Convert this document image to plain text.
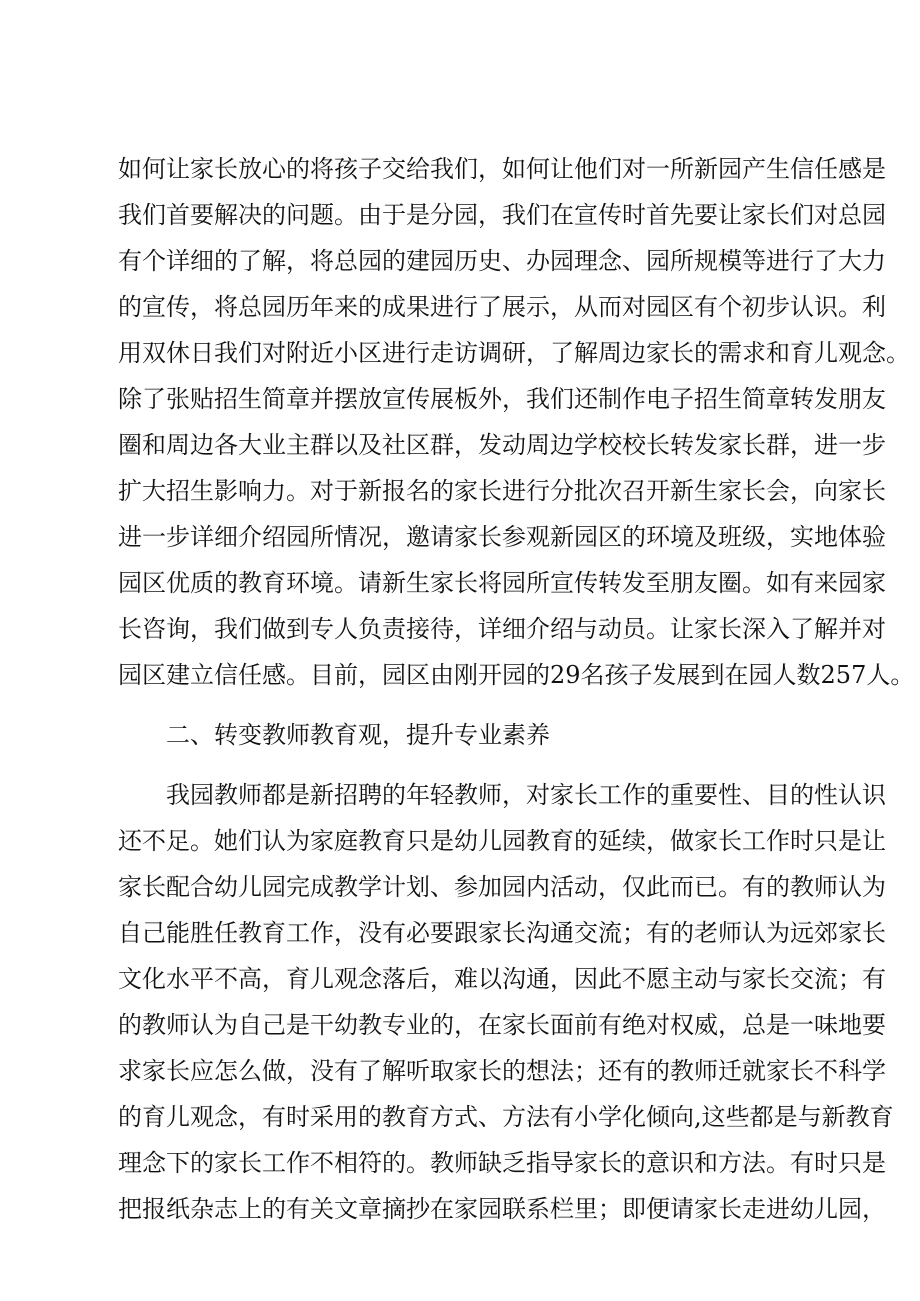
如何让家长放心的将孩子交给我们，如何让他们对一所新园产生信任感是
我们首要解决的问题。由于是分园，我们在宣传时首先要让家长们对总园
有个详细的了解，将总园的建园历史、办园理念、园所规模等进行了大力
的宣传，将总园历年来的成果进行了展示，从而对园区有个初步认识。利
用双休日我们对附近小区进行走访调研，了解周边家长的需求和育儿观念。
除了张贴招生简章并摆放宣传展板外，我们还制作电子招生简章转发朋友
圈和周边各大业主群以及社区群，发动周边学校校长转发家长群，进一步
扩大招生影响力。对于新报名的家长进行分批次召开新生家长会，向家长
进一步详细介绍园所情况，邀请家长参观新园区的环境及班级，实地体验
园区优质的教育环境。请新生家长将园所宣传转发至朋友圈。如有来园家
长咨询，我们做到专人负责接待，详细介绍与动员。让家长深入了解并对
园区建立信任感。目前，园区由刚开园的29名孩子发展到在园人数257人。
二、转变教师教育观，提升专业素养
我园教师都是新招聘的年轻教师，对家长工作的重要性、目的性认识
还不足。她们认为家庭教育只是幼儿园教育的延续，做家长工作时只是让
家长配合幼儿园完成教学计划、参加园内活动，仅此而已。有的教师认为
自己能胜任教育工作，没有必要跟家长沟通交流；有的老师认为远郊家长
文化水平不高，育儿观念落后，难以沟通，因此不愿主动与家长交流；有
的教师认为自己是干幼教专业的，在家长面前有绝对权威，总是一味地要
求家长应怎么做，没有了解听取家长的想法；还有的教师迁就家长不科学
的育儿观念，有时采用的教育方式、方法有小学化倾向,这些都是与新教育
理念下的家长工作不相符的。教师缺乏指导家长的意识和方法。有时只是
把报纸杂志上的有关文章摘抄在家园联系栏里；即便请家长走进幼儿园，
